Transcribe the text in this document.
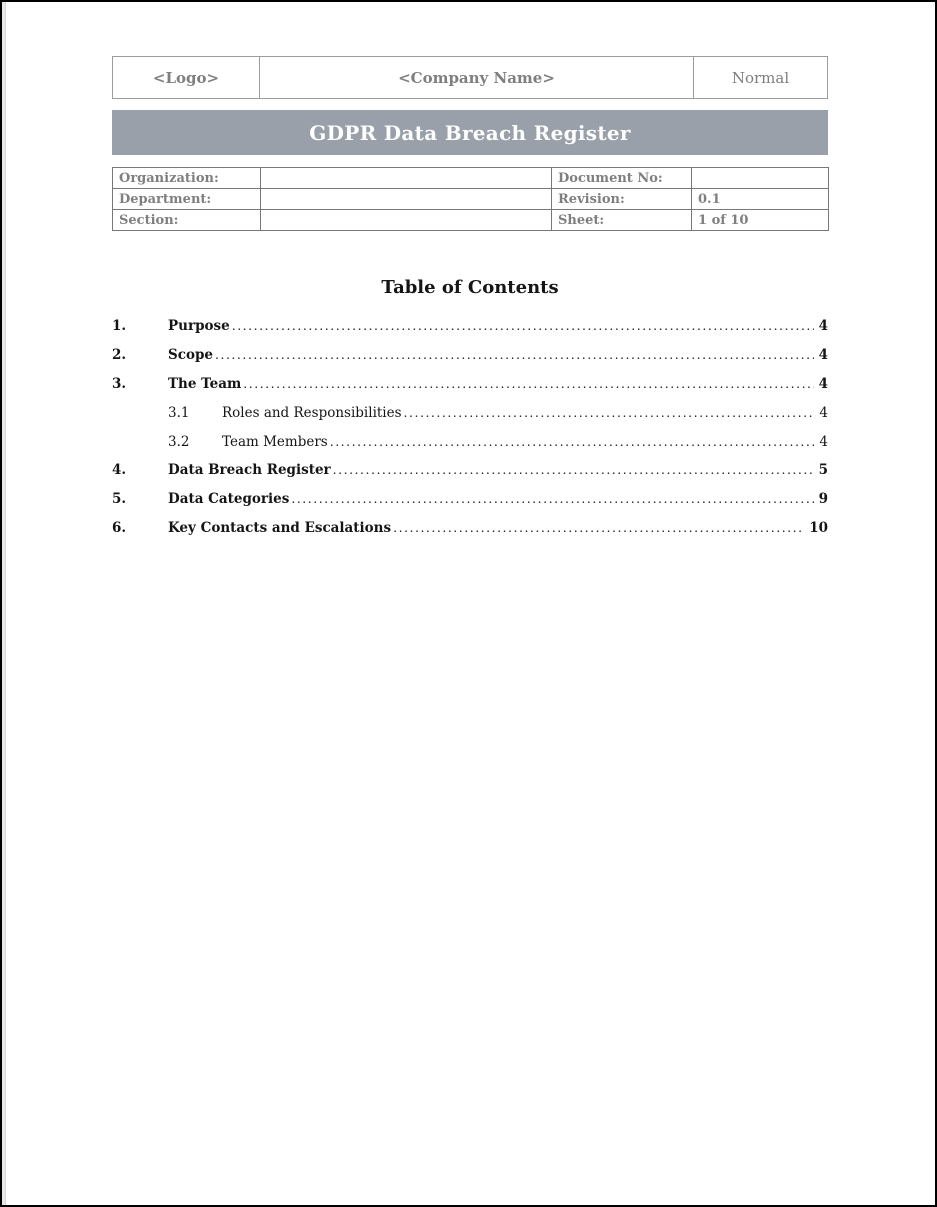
<Logo>	<Company Name>	Normal
GDPR Data Breach Register
Organization:		Document No:	
Department:		Revision:	0.1
Section:		Sheet:	1 of 10
Table of Contents
1.	Purpose .....	4
2.	Scope .....	4
3.	The Team .....	4
3.1	Roles and Responsibilities .....	4
3.2	Team Members .....	4
4.	Data Breach Register .....	5
5.	Data Categories .....	9
6.	Key Contacts and Escalations .....	10
